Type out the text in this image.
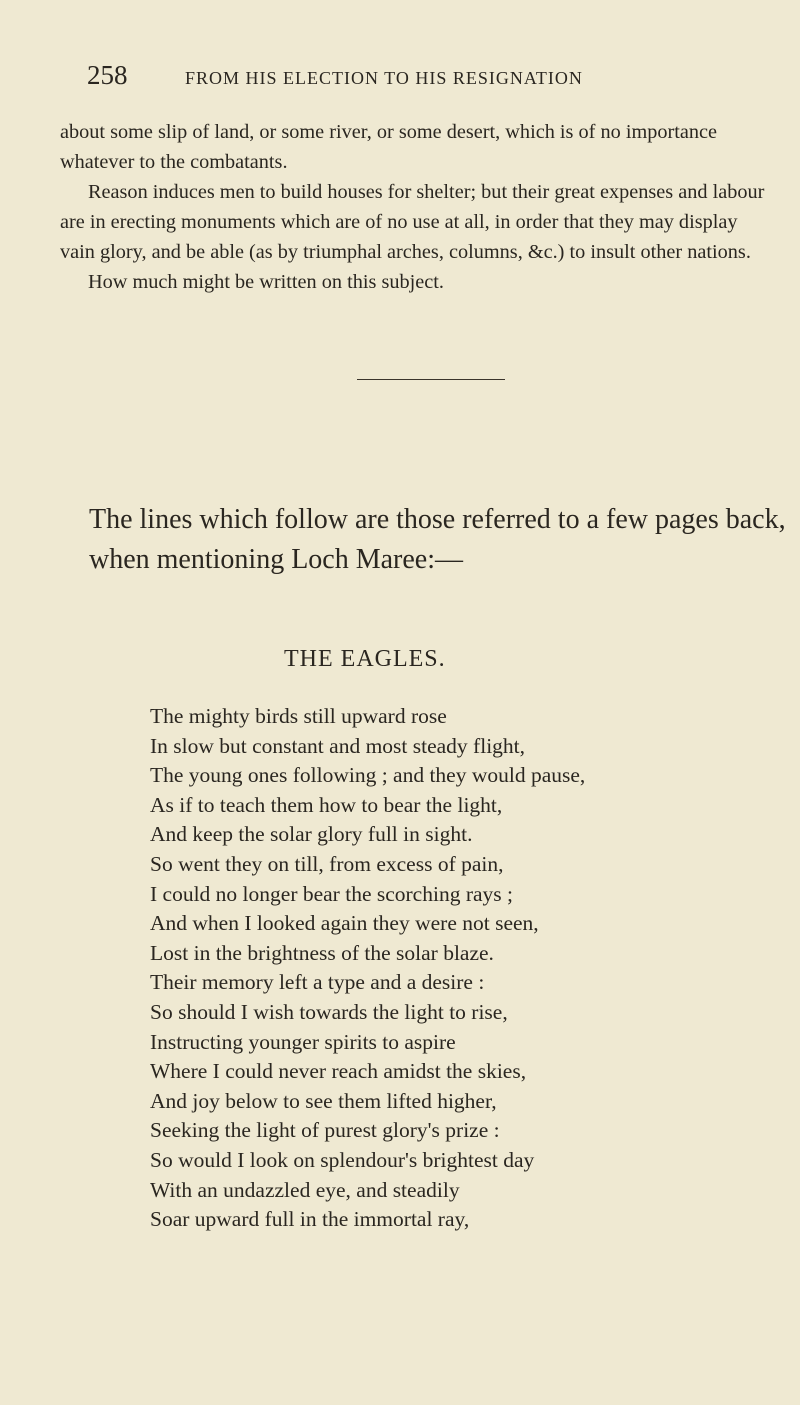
258	FROM HIS ELECTION TO HIS RESIGNATION

about some slip of land, or some river, or some desert, which is of no importance whatever to the combatants.

Reason induces men to build houses for shelter; but their great expenses and labour are in erecting monuments which are of no use at all, in order that they may display vain glory, and be able (as by triumphal arches, columns, &c.) to insult other nations.

How much might be written on this subject.

The lines which follow are those referred to a few pages back, when mentioning Loch Maree:—

THE EAGLES.
The mighty birds still upward rose
In slow but constant and most steady flight,
The young ones following ; and they would pause,
As if to teach them how to bear the light,
And keep the solar glory full in sight.
So went they on till, from excess of pain,
I could no longer bear the scorching rays ;
And when I looked again they were not seen,
Lost in the brightness of the solar blaze.
Their memory left a type and a desire :
So should I wish towards the light to rise,
Instructing younger spirits to aspire
Where I could never reach amidst the skies,
And joy below to see them lifted higher,
Seeking the light of purest glory's prize :
So would I look on splendour's brightest day
With an undazzled eye, and steadily
Soar upward full in the immortal ray,
